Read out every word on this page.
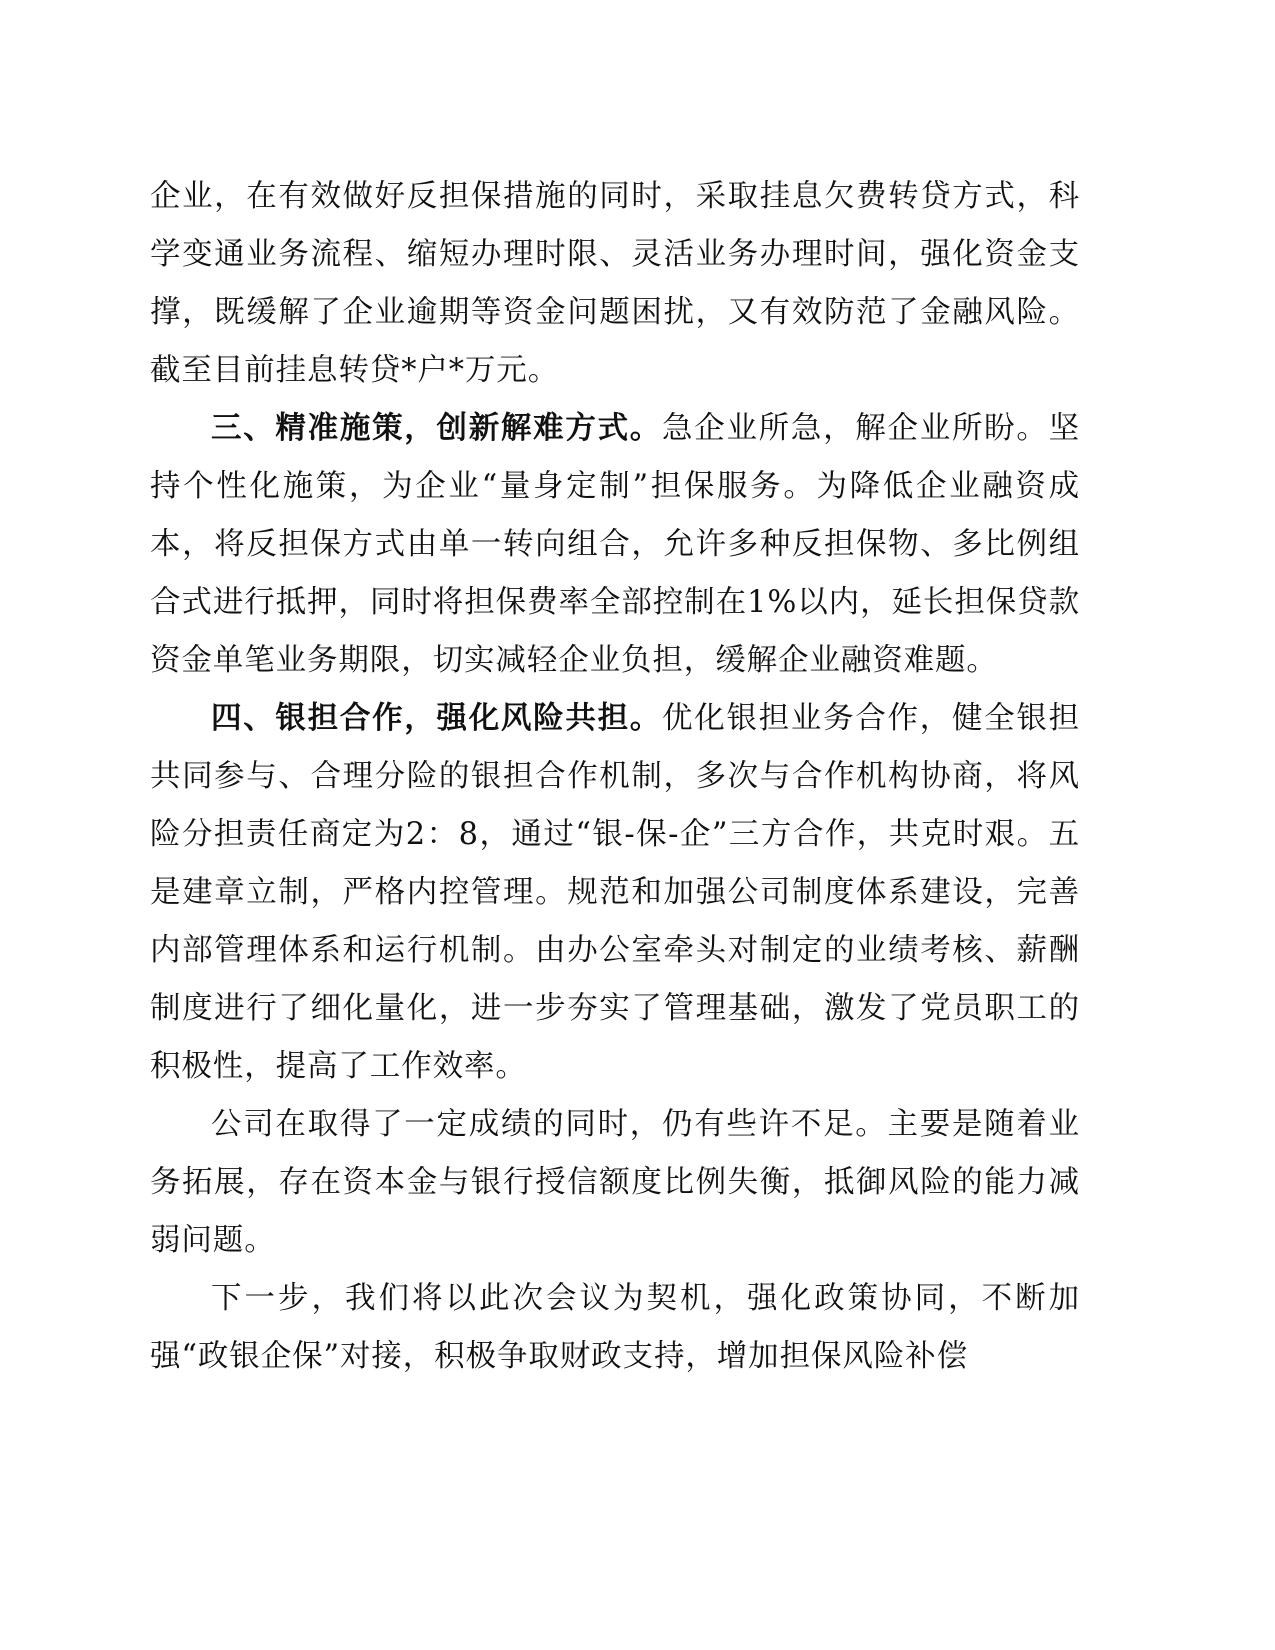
企业，在有效做好反担保措施的同时，采取挂息欠费转贷方式，科学变通业务流程、缩短办理时限、灵活业务办理时间，强化资金支撑，既缓解了企业逾期等资金问题困扰，又有效防范了金融风险。截至目前挂息转贷*户*万元。

三、精准施策，创新解难方式。急企业所急，解企业所盼。坚持个性化施策，为企业“量身定制”担保服务。为降低企业融资成本，将反担保方式由单一转向组合，允许多种反担保物、多比例组合式进行抵押，同时将担保费率全部控制在1%以内，延长担保贷款资金单笔业务期限，切实减轻企业负担，缓解企业融资难题。

四、银担合作，强化风险共担。优化银担业务合作，健全银担共同参与、合理分险的银担合作机制，多次与合作机构协商，将风险分担责任商定为2：8，通过“银-保-企”三方合作，共克时艰。五是建章立制，严格内控管理。规范和加强公司制度体系建设，完善内部管理体系和运行机制。由办公室牵头对制定的业绩考核、薪酬制度进行了细化量化，进一步夯实了管理基础，激发了党员职工的积极性，提高了工作效率。

公司在取得了一定成绩的同时，仍有些许不足。主要是随着业务拓展，存在资本金与银行授信额度比例失衡，抵御风险的能力减弱问题。

下一步，我们将以此次会议为契机，强化政策协同，不断加强“政银企保”对接，积极争取财政支持，增加担保风险补偿
